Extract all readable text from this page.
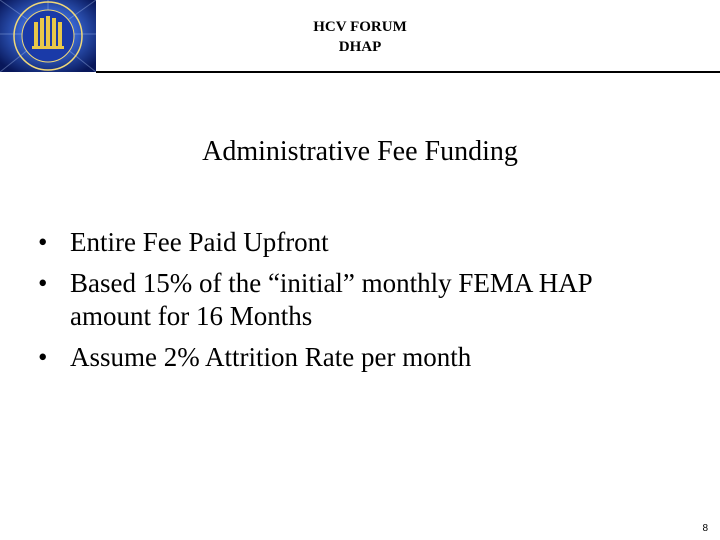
HCV FORUM
DHAP
Administrative Fee Funding
• Entire Fee Paid Upfront
• Based 15% of the “initial” monthly FEMA HAP amount for 16 Months
• Assume 2% Attrition Rate per month
8
